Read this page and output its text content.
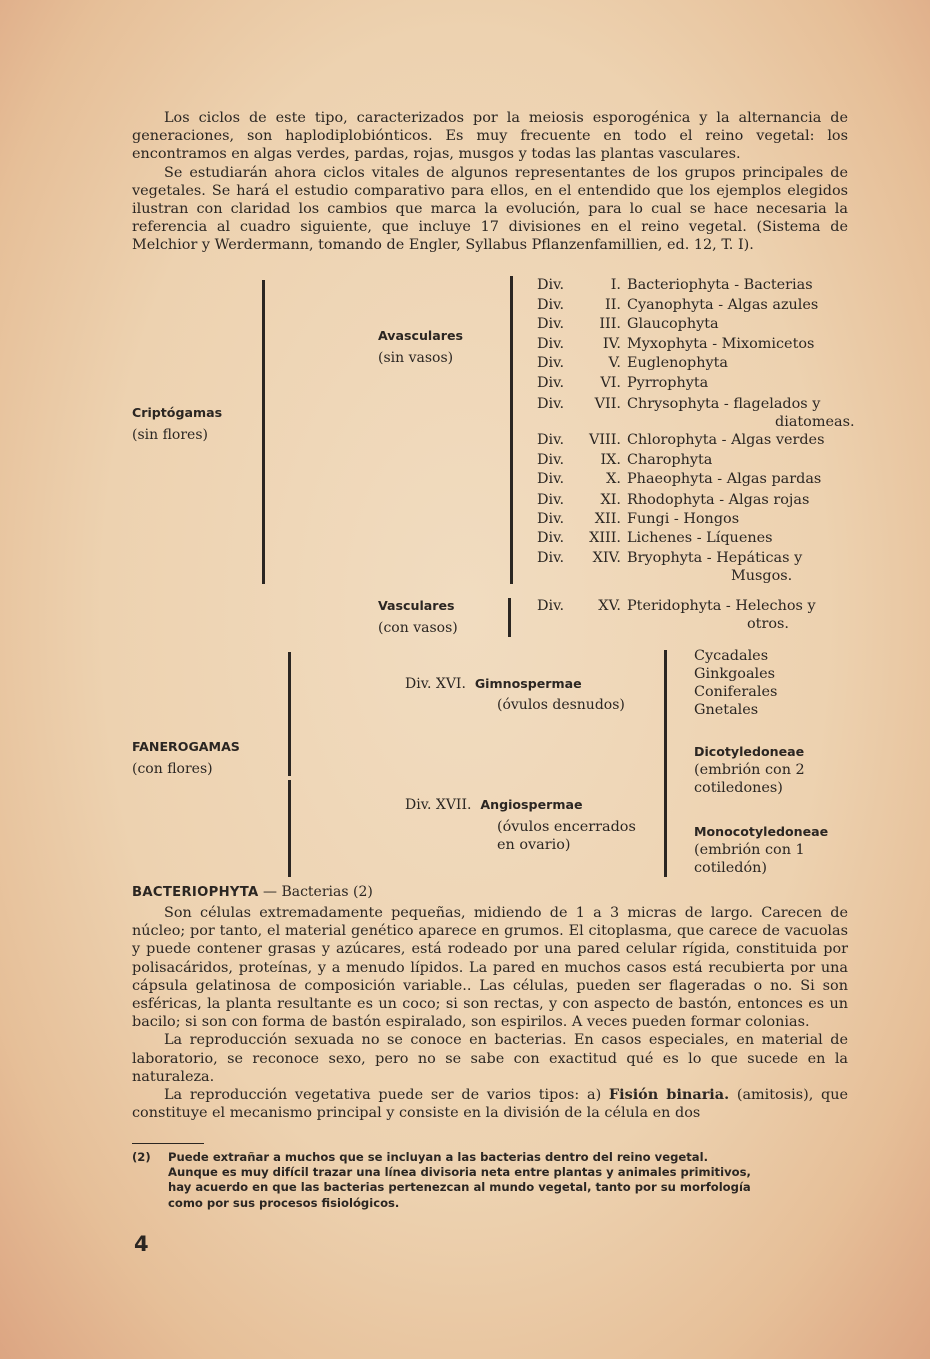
Los ciclos de este tipo, caracterizados por la meiosis esporogénica y la alternancia de generaciones, son haplodiplobiónticos. Es muy frecuente en todo el reino vegetal: los encontramos en algas verdes, pardas, rojas, musgos y todas las plantas vasculares.

Se estudiarán ahora ciclos vitales de algunos representantes de los grupos principales de vegetales. Se hará el estudio comparativo para ellos, en el entendido que los ejemplos elegidos ilustran con claridad los cambios que marca la evolución, para lo cual se hace necesaria la referencia al cuadro siguiente, que incluye 17 divisiones en el reino vegetal. (Sistema de Melchior y Werdermann, tomando de Engler, Syllabus Pflanzenfamillien, ed. 12, T. I).

Criptógamas
(sin flores)
Avasculares
(sin vasos)
Div.	I. Bacteriophyta - Bacterias
Div.	II. Cyanophyta - Algas azules
Div. III. Glaucophyta
Div.	IV. Myxophyta - Mixomicetos
Div.	V. Euglenophyta
Div.	VI. Pyrrophyta
Div. VII. Chrysophyta - flagelados y
diatomeas.
Div. VIII. Chlorophyta - Algas verdes
Div.	IX. Charophyta
Div.	X. Phaeophyta - Algas pardas
Div.	XI. Rhodophyta - Algas rojas
Div. XII. Fungi - Hongos
Div. XIII. Lichenes - Líquenes
Div. XIV. Bryophyta - Hepáticas y
Musgos.
Div. XV. Pteridophyta - Helechos y
otros.
Vasculares
(con vasos)
FANEROGAMAS
(con flores)
Div. XVI. Gimnospermae
(óvulos desnudos)
Div. XVII. Angiospermae
(óvulos encerrados
en ovario)
Cycadales
Ginkgoales
Coniferales
Gnetales
Dicotyledoneae
(embrión con 2
cotiledones)
Monocotyledoneae
(embrión con 1
cotiledón)
BACTERIOPHYTA — Bacterias (2)

Son células extremadamente pequeñas, midiendo de 1 a 3 micras de largo. Carecen de núcleo; por tanto, el material genético aparece en grumos. El citoplasma, que carece de vacuolas y puede contener grasas y azúcares, está rodeado por una pared celular rígida, constituida por polisacáridos, proteínas, y a menudo lípidos. La pared en muchos casos está recubierta por una cápsula gelatinosa de composición variable.. Las células, pueden ser flageradas o no. Si son esféricas, la planta resultante es un coco; si son rectas, y con aspecto de bastón, entonces es un bacilo; si son con forma de bastón espiralado, son espirilos. A veces pueden formar colonias.

La reproducción sexuada no se conoce en bacterias. En casos especiales, en material de laboratorio, se reconoce sexo, pero no se sabe con exactitud qué es lo que sucede en la naturaleza.

La reproducción vegetativa puede ser de varios tipos: a) Fisión binaria. (amitosis), que constituye el mecanismo principal y consiste en la división de la célula en dos

(2) Puede extrañar a muchos que se incluyan a las bacterias dentro del reino vegetal.
Aunque es muy difícil trazar una línea divisoria neta entre plantas y animales primitivos,
hay acuerdo en que las bacterias pertenezcan al mundo vegetal, tanto por su morfología
como por sus procesos fisiológicos.
4
